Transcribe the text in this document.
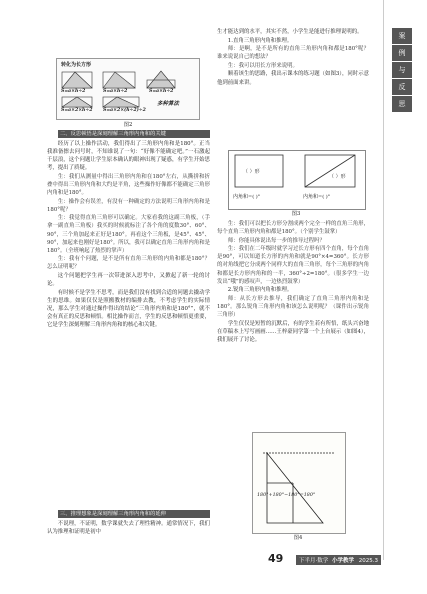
案
例
与
反
思
转化为长方形
S=a×h÷2	S=a×h÷2	S=a×h÷2
S=a×2×h÷2 S=a×2×(h÷2)÷2
多种算法
图2
二、反思顿悟是深刻理解三角形内角和的关键

经历了以上操作活动，我们得出了三角形内角和是180°。正当我准备擦去问号时，不知谁说了一句：“好像不能确定吧。”一石激起千层浪，这个问题让学生原本确认的眼神出现了疑惑，有学生开始思考，提出了质疑。

生：我们从测量中得出三角形内角和在180°左右，从撕拼和折叠中得出三角形内角和大约是平角，这些操作好像都不能确定三角形内角和是180°。

生：操作会有误差，有没有一种确定的方法说明三角形内角和是180°呢？

生：我觉得直角三角形可以确定。大家看我的这副三角板，（手拿一副直角三角板）我买的时候就标注了各个角的度数30°、60°、90°，三个角加起来正好是180°。再看这个三角板，是45°、45°、90°，加起来也刚好是180°。所以，我可以确定直角三角形内角和是180°。（全班响起了热烈的掌声）

生：我有个问题，是不是所有直角三角形的内角和都是180°？怎么证明呢？

这个问题把学生再一次带进深入思考中，又掀起了新一轮的讨论。

有时候不是学生不思考，而是我们没有找到合适的问题去撬动学生的思维。如果仅仅是照搬教材的编排去教，不考虑学生的实际情况，那么学生对通过操作得出的结论“三角形内角和是180°”，就不会有真正的反思和顿悟。相比操作而言，学生的反思和顿悟更重要，它是学生深刻理解三角形内角和的核心和关键。

三、推理想象是深刻理解三角形内角和的延伸

不说理，不证明，数学课就失去了理性精神。通常情况下，我们认为推理和证明是初中

生才能达到的水平，其实不然，小学生是能进行推理说明的。

1.直角三角形内角和推理。

师：是啊，是不是所有的直角三角形内角和都是180°呢？谁来说说自己的想法？

生：我可以用长方形来说明。

顺着该生的思路，我出示课本的练习题（如图3），同时示意他到前面来讲。

（ ）形
内角和=( )°
（ ）形
内角和=( )°
图3

生：我们可以把长方形分割成两个完全一样的直角三角形，每个直角三角形内角和都是180°。（个别学生鼓掌）

师：你能具体说出每一步的推导过程吗？

生：我们在二年级时就学习过长方形有四个直角，每个直角是90°，可以知道长方形的内角和就是90°×4=360°。长方形的对角线把它分成两个同样大的直角三角形，每个三角形的内角和都是长方形内角和的一半，360°÷2=180°。（很多学生一边发出“哦”的感叹声，一边热烈鼓掌）

2.锐角三角形内角和推理。

师：从长方形去推导，我们确定了直角三角形内角和是180°。那么锐角三角形内角和该怎么说明呢？（课件出示锐角三角形）

学生仅仅是短暂的沉默后，有的学生若有所悟，纸头兴奋地在草稿本上写写画画……王梓豪同学第一个上台展示（如图4），我们展开了讨论。

180°+180°−180°=180°
图4
49	下半月·数学 小学教学 2025.3
